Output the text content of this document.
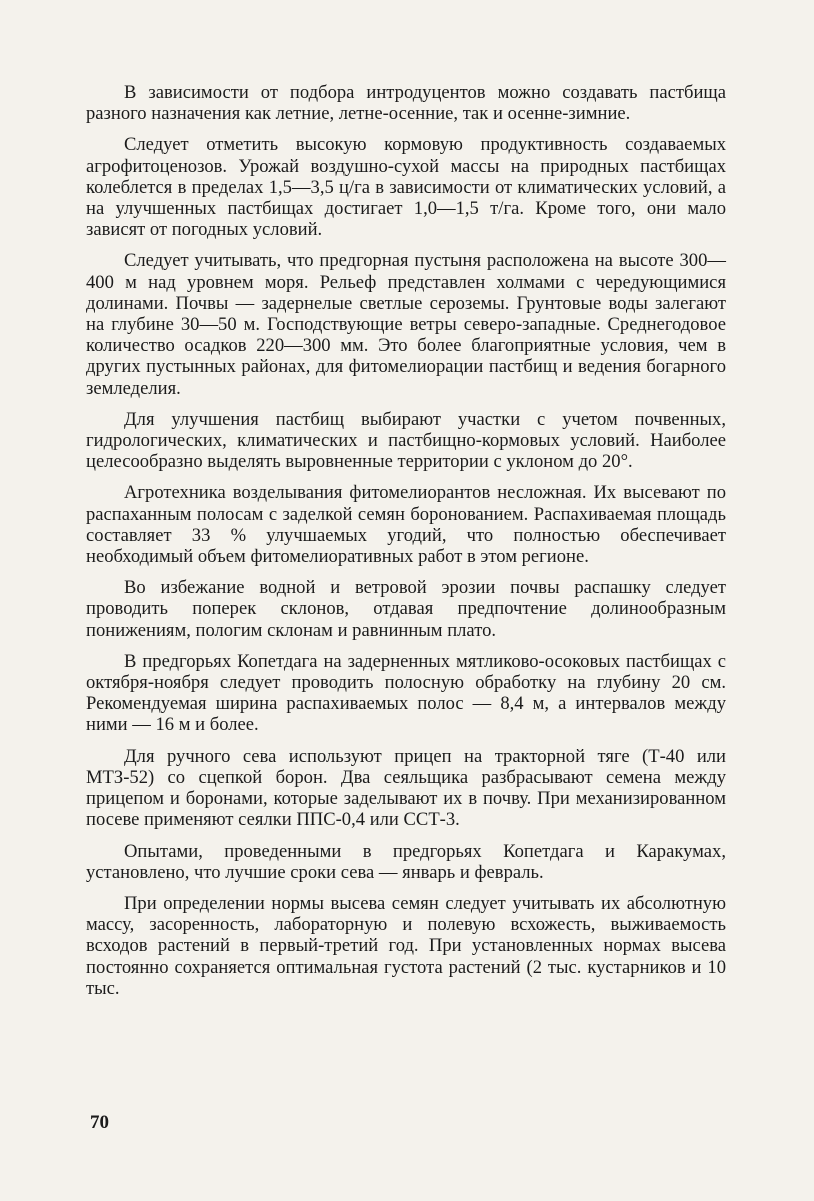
В зависимости от подбора интродуцентов можно создавать пастбища разного назначения как летние, летне-осенние, так и осенне-зимние.

Следует отметить высокую кормовую продуктивность создаваемых агрофитоценозов. Урожай воздушно-сухой массы на природных пастбищах колеблется в пределах 1,5—3,5 ц/га в зависимости от климатических условий, а на улучшенных пастбищах достигает 1,0—1,5 т/га. Кроме того, они мало зависят от погодных условий.

Следует учитывать, что предгорная пустыня расположена на высоте 300—400 м над уровнем моря. Рельеф представлен холмами с чередующимися долинами. Почвы — задернелые светлые сероземы. Грунтовые воды залегают на глубине 30—50 м. Господствующие ветры северо-западные. Среднегодовое количество осадков 220—300 мм. Это более благоприятные условия, чем в других пустынных районах, для фитомелиорации пастбищ и ведения богарного земледелия.

Для улучшения пастбищ выбирают участки с учетом почвенных, гидрологических, климатических и пастбищно-кормовых условий. Наиболее целесообразно выделять выровненные территории с уклоном до 20°.

Агротехника возделывания фитомелиорантов несложная. Их высевают по распаханным полосам с заделкой семян боронованием. Распахиваемая площадь составляет 33 % улучшаемых угодий, что полностью обеспечивает необходимый объем фитомелиоративных работ в этом регионе.

Во избежание водной и ветровой эрозии почвы распашку следует проводить поперек склонов, отдавая предпочтение долинообразным понижениям, пологим склонам и равнинным плато.

В предгорьях Копетдага на задерненных мятликово-осоковых пастбищах с октября-ноября следует проводить полосную обработку на глубину 20 см. Рекомендуемая ширина распахиваемых полос — 8,4 м, а интервалов между ними — 16 м и более.

Для ручного сева используют прицеп на тракторной тяге (Т-40 или МТЗ-52) со сцепкой борон. Два сеяльщика разбрасывают семена между прицепом и боронами, которые заделывают их в почву. При механизированном посеве применяют сеялки ППС-0,4 или ССТ-3.

Опытами, проведенными в предгорьях Копетдага и Каракумах, установлено, что лучшие сроки сева — январь и февраль.

При определении нормы высева семян следует учитывать их абсолютную массу, засоренность, лабораторную и полевую всхожесть, выживаемость всходов растений в первый-третий год. При установленных нормах высева постоянно сохраняется оптимальная густота растений (2 тыс. кустарников и 10 тыс.

70
